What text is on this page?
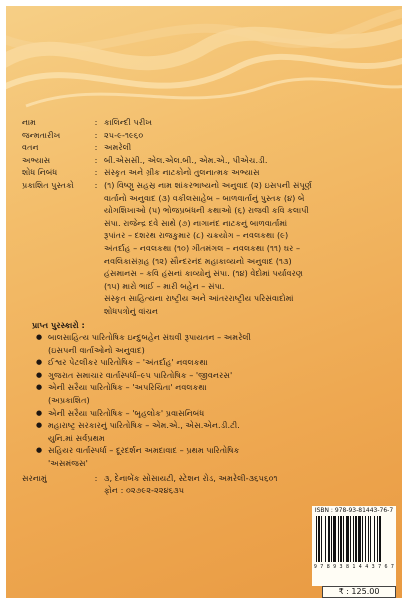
નામ	: કાલિન્દી પરીખ
જન્મતારીખ	: ૨૫-૯-૧૯૬૦
વતન	: અમરેલી
અભ્યાસ	: બી.એસસી., એલ.એલ.બી., એમ.એ., પીએચ.ડી.
શોધ નિબંધ	: સંસ્કૃત અને ગ્રીક નાટકોનો તુલનાત્મક અભ્યાસ
પ્રકાશિત પુસ્તકો	: (૧) વિષ્ણુ સહસ્ર નામ શાંકરભાષ્યનો અનુવાદ (૨) ઇસપની સંપૂર્ણ
વાર્તાનો અનુવાદ (૩) વકીલસાહેબ – બાળવાર્તાનું પુસ્તક (૪) બે
યોગશિખાઓ (૫) ભોજપ્રબંધની કથાઓ (૬) રાજવી કવિ કલાપી
સંપા. રાજેન્દ્ર દવે સાથે (૭) નાગાનંદ નાટકનું બાળવાર્તામાં
રૂપાંતર – દશરથ રાજકુમાર (૮) ચક્રયોગ – નવલકથા (૯)
અંતર્દાહ – નવલકથા (૧૦) ગીતમંગલ – નવલકથા (૧૧) ઘર –
નવલિકાસંગ્રહ (૧૨) સૌન્દરનંદ મહાકાવ્યનો અનુવાદ (૧૩)
હંસમાનસ – કવિ હંસનાં કાવ્યોનું સંપા. (૧૪) વેદોમાં પર્યાવરણ
(૧૫) મારો ભાઈ – મારી બહેન – સંપા.
સંસ્કૃત સાહિત્યના રાષ્ટ્રીય અને આંતરરાષ્ટ્રીય પરિસંવાદોમાં
શોધપત્રોનું વાંચન
પ્રાપ્ત પુરસ્કારો :
● બાલસાહિત્ય પારિતોષિક ઇન્દુબહેન સંઘવી રૂપાયતન – અમરેલી
(ઇસપની વાર્તાઓનો અનુવાદ)
● ઈશ્વર પેટલીકર પારિતોષિક – 'અંતર્દાહ' નવલકથા
● ગુજરાત સમાચાર વાર્તાસ્પર્ધા–૯૫ પારિતોષિક – 'જીવનરસ'
● એની સરૈયા પારિતોષિક – 'અપરિચિતા' નવલકથા
(અપ્રકાશિત)
● એની સરૈયા પારિતોષિક – 'બૃહલોક' પ્રવાસનિબંધ
● મહારાષ્ટ્ર સરકારનું પારિતોષિક – એમ.એ., એસ.એન.ડી.ટી.
યુનિ.માં સર્વપ્રથમ
● સહિયર વાર્તાસ્પર્ધા – દૂરદર્શન અમદાવાદ – પ્રથમ પારિતોષિક
'અસમંજસ'
સરનામું	: ૩, દેનાબેંક સોસાયટી, સ્ટેશન રોડ, અમરેલી-૩૬૫૬૦૧
ફોન : ૦૨૭૯૨-૨૨૪૬૩૫
ISBN : 978-93-81443-76-7
9 7 8 9 3 8 1 4 4 3 7 6 7
₹ : 125.00
